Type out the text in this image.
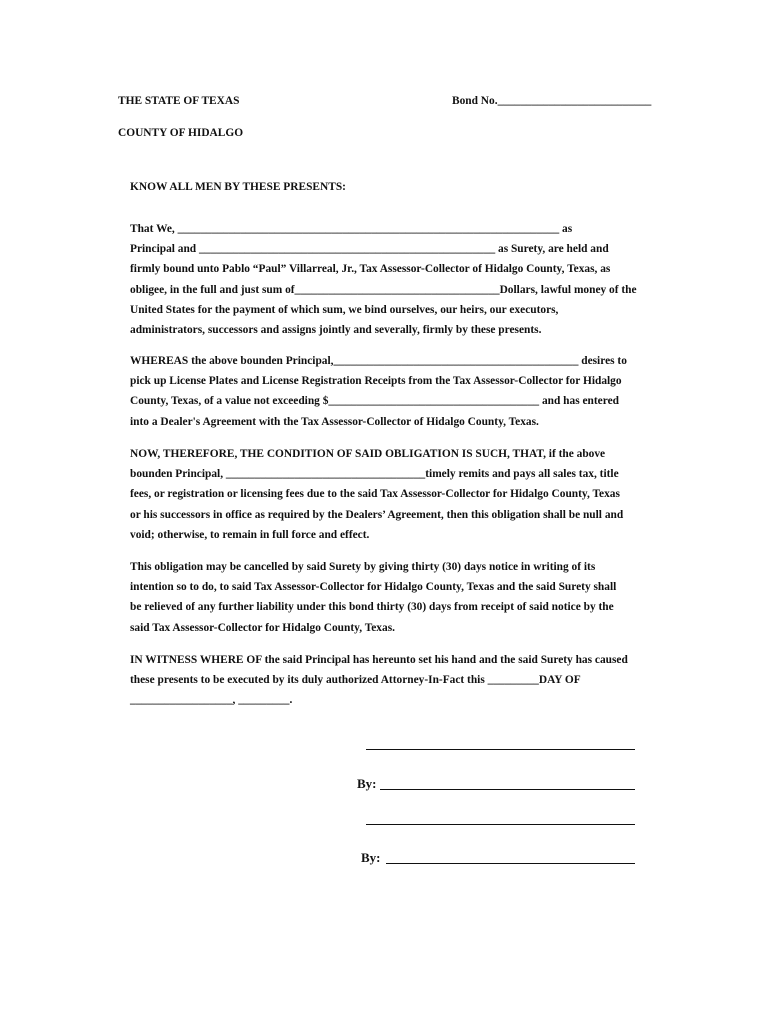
THE STATE OF TEXAS	Bond No.___________________________
COUNTY OF HIDALGO
KNOW ALL MEN BY THESE PRESENTS:
That We, ___________________________________________________________________ as
Principal and ____________________________________________________ as Surety, are held and
firmly bound unto Pablo “Paul” Villarreal, Jr., Tax Assessor-Collector of Hidalgo County, Texas, as
obligee, in the full and just sum of____________________________________Dollars, lawful money of the
United States for the payment of which sum, we bind ourselves, our heirs, our executors,
administrators, successors and assigns jointly and severally, firmly by these presents.
WHEREAS the above bounden Principal,___________________________________________ desires to
pick up License Plates and License Registration Receipts from the Tax Assessor-Collector for Hidalgo
County, Texas, of a value not exceeding $_____________________________________ and has entered
into a Dealer's Agreement with the Tax Assessor-Collector of Hidalgo County, Texas.
NOW, THEREFORE, THE CONDITION OF SAID OBLIGATION IS SUCH, THAT, if the above
bounden Principal, ___________________________________timely remits and pays all sales tax, title
fees, or registration or licensing fees due to the said Tax Assessor-Collector for Hidalgo County, Texas
or his successors in office as required by the Dealers’ Agreement, then this obligation shall be null and
void; otherwise, to remain in full force and effect.
This obligation may be cancelled by said Surety by giving thirty (30) days notice in writing of its
intention so to do, to said Tax Assessor-Collector for Hidalgo County, Texas and the said Surety shall
be relieved of any further liability under this bond thirty (30) days from receipt of said notice by the
said Tax Assessor-Collector for Hidalgo County, Texas.
IN WITNESS WHERE OF the said Principal has hereunto set his hand and the said Surety has caused
these presents to be executed by its duly authorized Attorney-In-Fact this _________DAY OF
__________________, _________.
By:
By:
